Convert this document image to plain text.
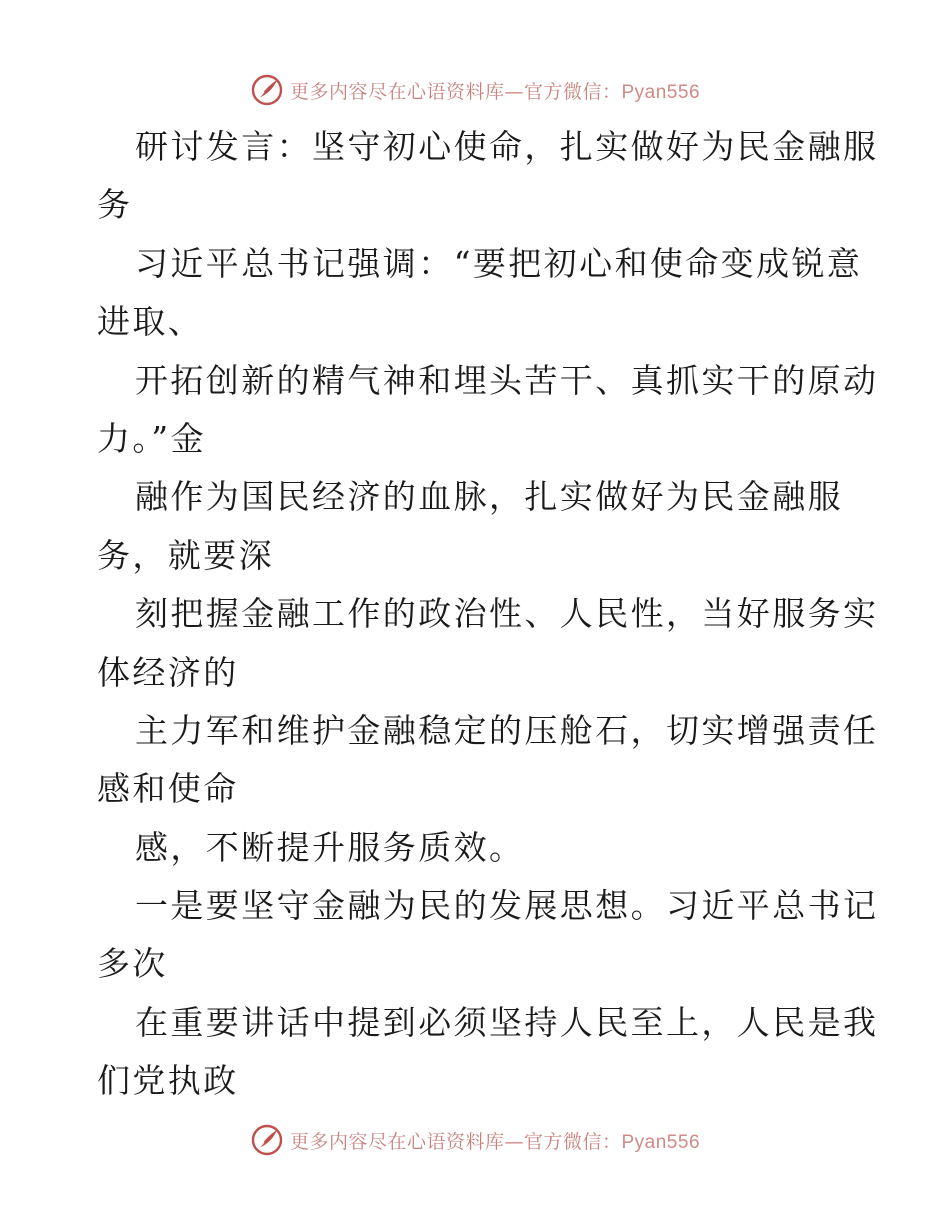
更多内容尽在心语资料库—官方微信：Pyan556
研讨发言：坚守初心使命，扎实做好为民金融服
务
习近平总书记强调：“要把初心和使命变成锐意
进取、
开拓创新的精气神和埋头苦干、真抓实干的原动
力。”金
融作为国民经济的血脉，扎实做好为民金融服
务，就要深
刻把握金融工作的政治性、人民性，当好服务实
体经济的
主力军和维护金融稳定的压舱石，切实增强责任
感和使命
感，不断提升服务质效。
一是要坚守金融为民的发展思想。习近平总书记
多次
在重要讲话中提到必须坚持人民至上，人民是我
们党执政
更多内容尽在心语资料库—官方微信：Pyan556
